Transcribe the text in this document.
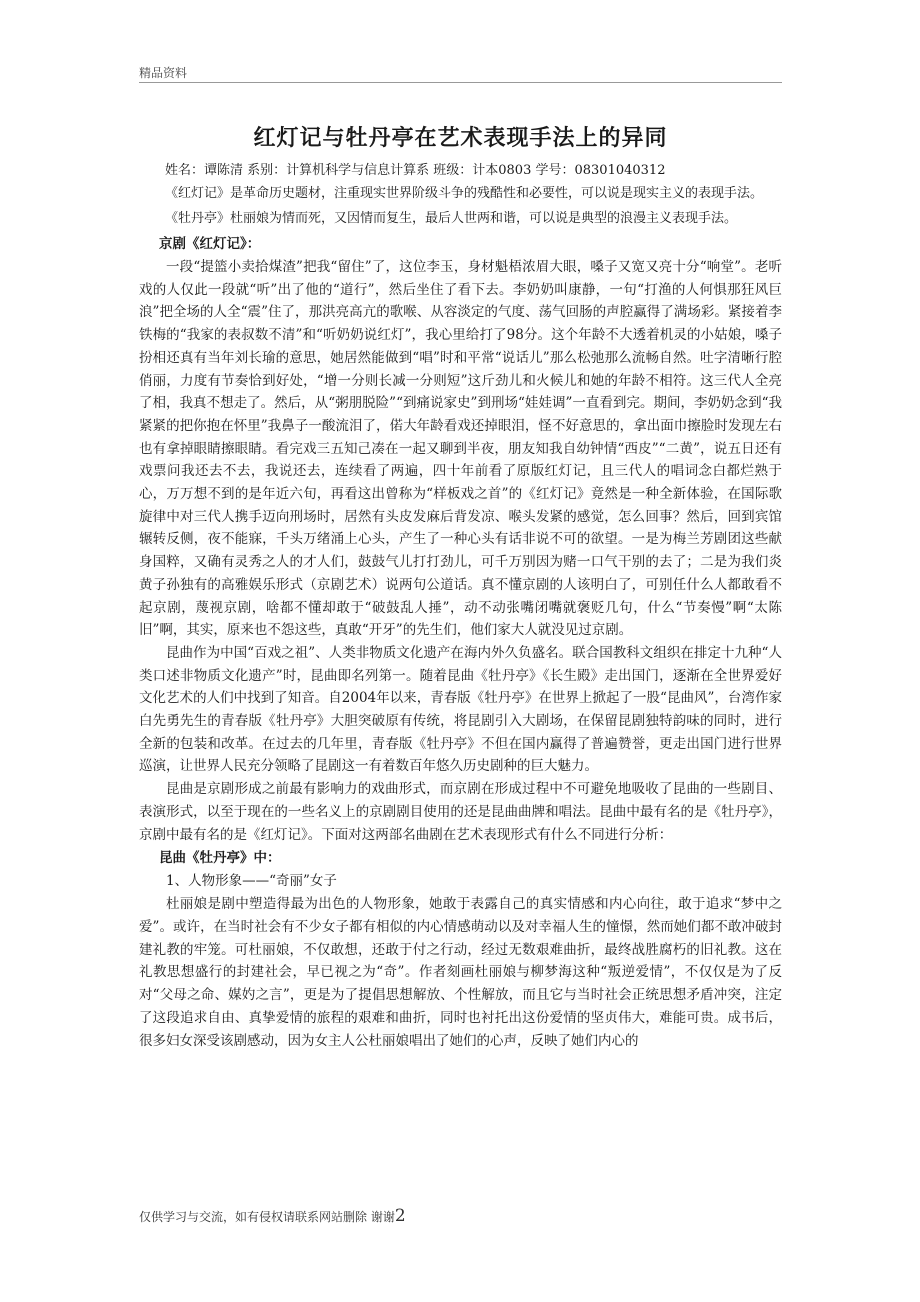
精品资料
红灯记与牡丹亭在艺术表现手法上的异同

姓名：谭陈清 系别：计算机科学与信息计算系 班级：计本0803 学号：08301040312

《红灯记》是革命历史题材，注重现实世界阶级斗争的残酷性和必要性，可以说是现实主义的表现手法。

《牡丹亭》杜丽娘为情而死，又因情而复生，最后人世两和谐，可以说是典型的浪漫主义表现手法。

京剧《红灯记》：

一段“提篮小卖拾煤渣”把我“留住”了，这位李玉，身材魁梧浓眉大眼，嗓子又宽又亮十分“响堂”。老听戏的人仅此一段就“听”出了他的“道行”，然后坐住了看下去。李奶奶叫康静，一句“打渔的人何惧那狂风巨浪”把全场的人全“震”住了，那洪亮高亢的歌喉、从容淡定的气度、荡气回肠的声腔赢得了满场彩。紧接着李铁梅的“我家的表叔数不清”和“听奶奶说红灯”，我心里给打了98分。这个年龄不大透着机灵的小姑娘，嗓子扮相还真有当年刘长瑜的意思，她居然能做到“唱”时和平常“说话儿”那么松弛那么流畅自然。吐字清晰行腔俏丽，力度有节奏恰到好处，“增一分则长减一分则短”这斤劲儿和火候儿和她的年龄不相符。这三代人全亮了相，我真不想走了。然后，从“粥朋脱险”“到痛说家史”到刑场“娃娃调”一直看到完。期间，李奶奶念到“我紧紧的把你抱在怀里”我鼻子一酸流泪了，偌大年龄看戏还掉眼泪，怪不好意思的，拿出面巾擦脸时发现左右也有拿掉眼睛擦眼睛。看完戏三五知己凑在一起又聊到半夜，朋友知我自幼钟情“西皮”“二黄”，说五日还有戏票问我还去不去，我说还去，连续看了两遍，四十年前看了原版红灯记，且三代人的唱词念白都烂熟于心，万万想不到的是年近六旬，再看这出曾称为“样板戏之首”的《红灯记》竟然是一种全新体验，在国际歌旋律中对三代人携手迈向刑场时，居然有头皮发麻后背发凉、喉头发紧的感觉，怎么回事？然后，回到宾馆辗转反侧，夜不能寐，千头万绪涌上心头，产生了一种心头有话非说不可的欲望。一是为梅兰芳剧团这些献身国粹，又确有灵秀之人的才人们，鼓鼓气儿打打劲儿，可千万别因为赌一口气干别的去了；二是为我们炎黄子孙独有的高雅娱乐形式（京剧艺术）说两句公道话。真不懂京剧的人该明白了，可别任什么人都敢看不起京剧，蔑视京剧，啥都不懂却敢于“破鼓乱人捶”，动不动张嘴闭嘴就褒贬几句，什么“节奏慢”啊“太陈旧”啊，其实，原来也不怨这些，真敢“开牙”的先生们，他们家大人就没见过京剧。

昆曲作为中国“百戏之祖”、人类非物质文化遗产在海内外久负盛名。联合国教科文组织在排定十九种“人类口述非物质文化遗产”时，昆曲即名列第一。随着昆曲《牡丹亭》《长生殿》走出国门，逐渐在全世界爱好文化艺术的人们中找到了知音。自2004年以来，青春版《牡丹亭》在世界上掀起了一股“昆曲风”，台湾作家白先勇先生的青春版《牡丹亭》大胆突破原有传统，将昆剧引入大剧场，在保留昆剧独特韵味的同时，进行全新的包装和改革。在过去的几年里，青春版《牡丹亭》不但在国内赢得了普遍赞誉，更走出国门进行世界巡演，让世界人民充分领略了昆剧这一有着数百年悠久历史剧种的巨大魅力。

昆曲是京剧形成之前最有影响力的戏曲形式，而京剧在形成过程中不可避免地吸收了昆曲的一些剧目、表演形式，以至于现在的一些名义上的京剧剧目使用的还是昆曲曲牌和唱法。昆曲中最有名的是《牡丹亭》，京剧中最有名的是《红灯记》。下面对这两部名曲剧在艺术表现形式有什么不同进行分析：

昆曲《牡丹亭》中：

1、人物形象——“奇丽”女子

杜丽娘是剧中塑造得最为出色的人物形象，她敢于表露自己的真实情感和内心向往，敢于追求“梦中之爱”。或许，在当时社会有不少女子都有相似的内心情感萌动以及对幸福人生的憧憬，然而她们都不敢冲破封建礼教的牢笼。可杜丽娘，不仅敢想，还敢于付之行动，经过无数艰难曲折，最终战胜腐朽的旧礼教。这在礼教思想盛行的封建社会，早已视之为“奇”。作者刻画杜丽娘与柳梦海这种“叛逆爱情”，不仅仅是为了反对“父母之命、媒妁之言”，更是为了提倡思想解放、个性解放，而且它与当时社会正统思想矛盾冲突，注定了这段追求自由、真挚爱情的旅程的艰难和曲折，同时也衬托出这份爱情的坚贞伟大，难能可贵。成书后，很多妇女深受该剧感动，因为女主人公杜丽娘唱出了她们的心声，反映了她们内心的

仅供学习与交流，如有侵权请联系网站删除 谢谢2
